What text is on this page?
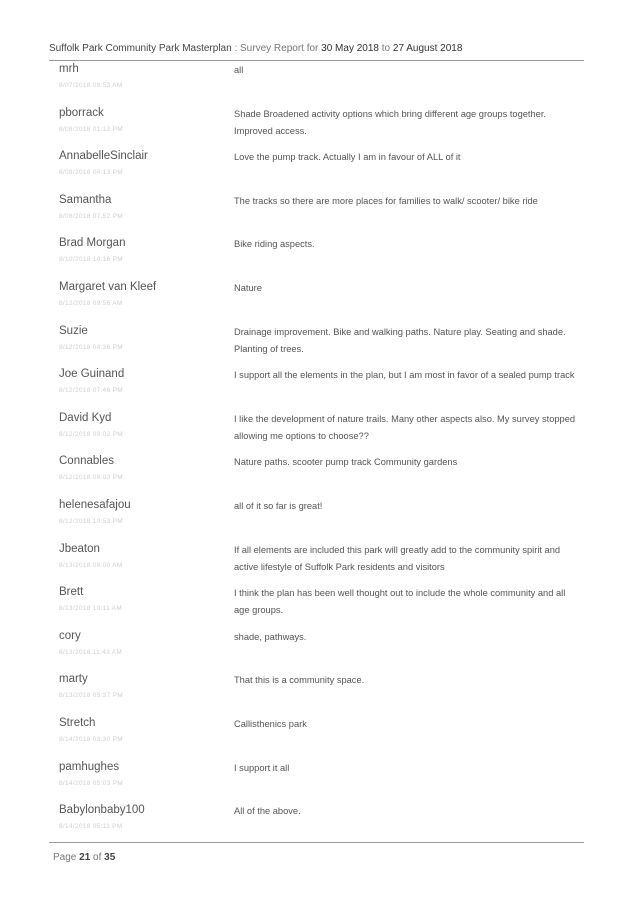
Suffolk Park Community Park Masterplan : Survey Report for 30 May 2018 to 27 August 2018
mrh
8/07/2018 09:53 AM
all
pborrack
8/08/2018 01:13 PM
Shade Broadened activity options which bring different age groups together. Improved access.
AnnabelleSinclair
8/08/2018 04:13 PM
Love the pump track. Actually I am in favour of ALL of it
Samantha
8/08/2018 07:52 PM
The tracks so there are more places for families to walk/ scooter/ bike ride
Brad Morgan
8/10/2018 10:16 PM
Bike riding aspects.
Margaret van Kleef
8/12/2018 09:56 AM
Nature
Suzie
8/12/2018 04:36 PM
Drainage improvement. Bike and walking paths. Nature play. Seating and shade. Planting of trees.
Joe Guinand
8/12/2018 07:46 PM
I support all the elements in the plan, but I am most in favor of a sealed pump track
David Kyd
8/12/2018 09:02 PM
I like the development of nature trails. Many other aspects also. My survey stopped allowing me options to choose??
Connables
8/12/2018 09:03 PM
Nature paths. scooter pump track Community gardens
helenesafajou
8/12/2018 10:53 PM
all of it so far is great!
Jbeaton
8/13/2018 09:00 AM
If all elements are included this park will greatly add to the community spirit and active lifestyle of Suffolk Park residents and visitors
Brett
8/13/2018 10:11 AM
I think the plan has been well thought out to include the whole community and all age groups.
cory
8/13/2018 11:43 AM
shade, pathways.
marty
8/13/2018 05:37 PM
That this is a community space.
Stretch
8/14/2018 03:30 PM
Callisthenics park
pamhughes
8/14/2018 05:03 PM
I support it all
Babylonbaby100
8/14/2018 05:11 PM
All of the above.
Page 21 of 35
